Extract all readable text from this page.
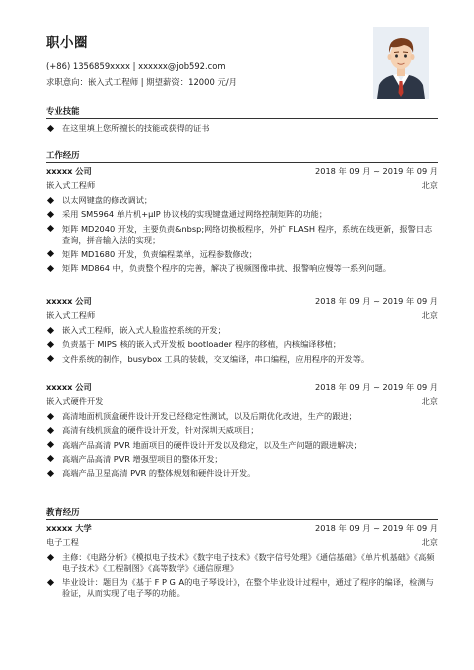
职小圈
(+86) 1356859xxxx | xxxxxx@job592.com
求职意向：嵌入式工程师 | 期望薪资：12000 元/月
专业技能
在这里填上您所擅长的技能或获得的证书
工作经历
xxxxx 公司	2018 年 09 月 ~ 2019 年 09 月
嵌入式工程师	北京
以太网键盘的修改调试；
采用 SM5964 单片机+μIP 协议栈的实现键盘通过网络控制矩阵的功能；
矩阵 MD2040 开发，主要负责&nbsp;网络切换板程序，外扩 FLASH 程序，系统在线更新，报警日志查询，拼音输入法的实现；
矩阵 MD1680 开发，负责编程菜单，远程参数修改；
矩阵 MD864 中，负责整个程序的完善，解决了视频图像串扰、报警响应慢等一系列问题。
xxxxx 公司	2018 年 09 月 ~ 2019 年 09 月
嵌入式工程师	北京
嵌入式工程师，嵌入式人脸监控系统的开发；
负责基于 MIPS 核的嵌入式开发板 bootloader 程序的移植，内核编译移植；
文件系统的制作，busybox 工具的装载，交叉编译，串口编程，应用程序的开发等。
xxxxx 公司	2018 年 09 月 ~ 2019 年 09 月
嵌入式硬件开发	北京
高清地面机顶盒硬件设计开发已经稳定性测试，以及后期优化改进，生产的跟进；
高清有线机顶盒的硬件设计开发，针对深圳天威项目；
高端产品高清 PVR 地面项目的硬件设计开发以及稳定，以及生产问题的跟进解决；
高端产品高清 PVR 增强型项目的整体开发；
高端产品卫星高清 PVR 的整体规划和硬件设计开发。
教育经历
xxxxx 大学	2018 年 09 月 ~ 2019 年 09 月
电子工程	北京
主修：《电路分析》《模拟电子技术》《数字电子技术》《数字信号处理》《通信基础》《单片机基础》《高频电子技术》《工程制图》《高等数学》《通信原理》
毕业设计：题目为《基于 F P G A的电子琴设计》，在整个毕业设计过程中，通过了程序的编译，检测与验证，从而实现了电子琴的功能。
